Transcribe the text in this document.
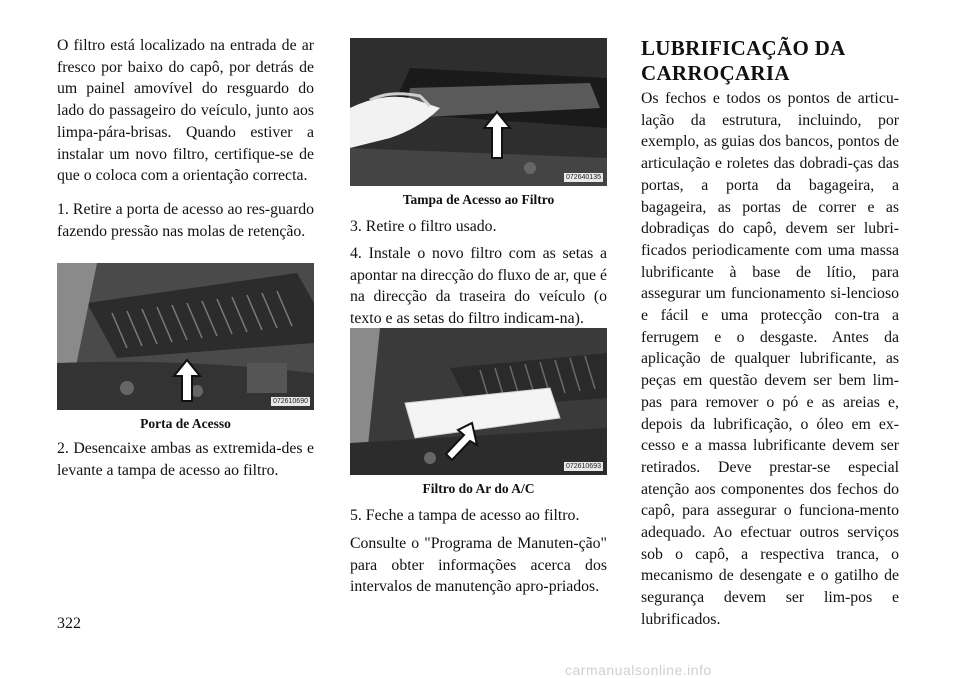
O filtro está localizado na entrada de ar fresco por baixo do capô, por detrás de um painel amovível do resguardo do lado do passageiro do veículo, junto aos limpa-pára-brisas. Quando estiver a instalar um novo filtro, certifique-se de que o coloca com a orientação correcta.

1. Retire a porta de acesso ao res-guardo fazendo pressão nas molas de retenção.

072610690
Porta de Acesso

2. Desencaixe ambas as extremida-des e levante a tampa de acesso ao filtro.

072640135
Tampa de Acesso ao Filtro

3. Retire o filtro usado.

4. Instale o novo filtro com as setas a apontar na direcção do fluxo de ar, que é na direcção da traseira do veículo (o texto e as setas do filtro indicam-na).

072610693
Filtro do Ar do A/C

5. Feche a tampa de acesso ao filtro.

Consulte o "Programa de Manuten-ção" para obter informações acerca dos intervalos de manutenção apro-priados.

LUBRIFICAÇÃO DA CARROÇARIA

Os fechos e todos os pontos de articu-lação da estrutura, incluindo, por exemplo, as guias dos bancos, pontos de articulação e roletes das dobradi-ças das portas, a porta da bagageira, a bagageira, as portas de correr e as dobradiças do capô, devem ser lubri-ficados periodicamente com uma massa lubrificante à base de lítio, para assegurar um funcionamento si-lencioso e fácil e uma protecção con-tra a ferrugem e o desgaste. Antes da aplicação de qualquer lubrificante, as peças em questão devem ser bem lim-pas para remover o pó e as areias e, depois da lubrificação, o óleo em ex-cesso e a massa lubrificante devem ser retirados. Deve prestar-se especial atenção aos componentes dos fechos do capô, para assegurar o funciona-mento adequado. Ao efectuar outros serviços sob o capô, a respectiva tranca, o mecanismo de desengate e o gatilho de segurança devem ser lim-pos e lubrificados.

322
carmanualsonline.info
